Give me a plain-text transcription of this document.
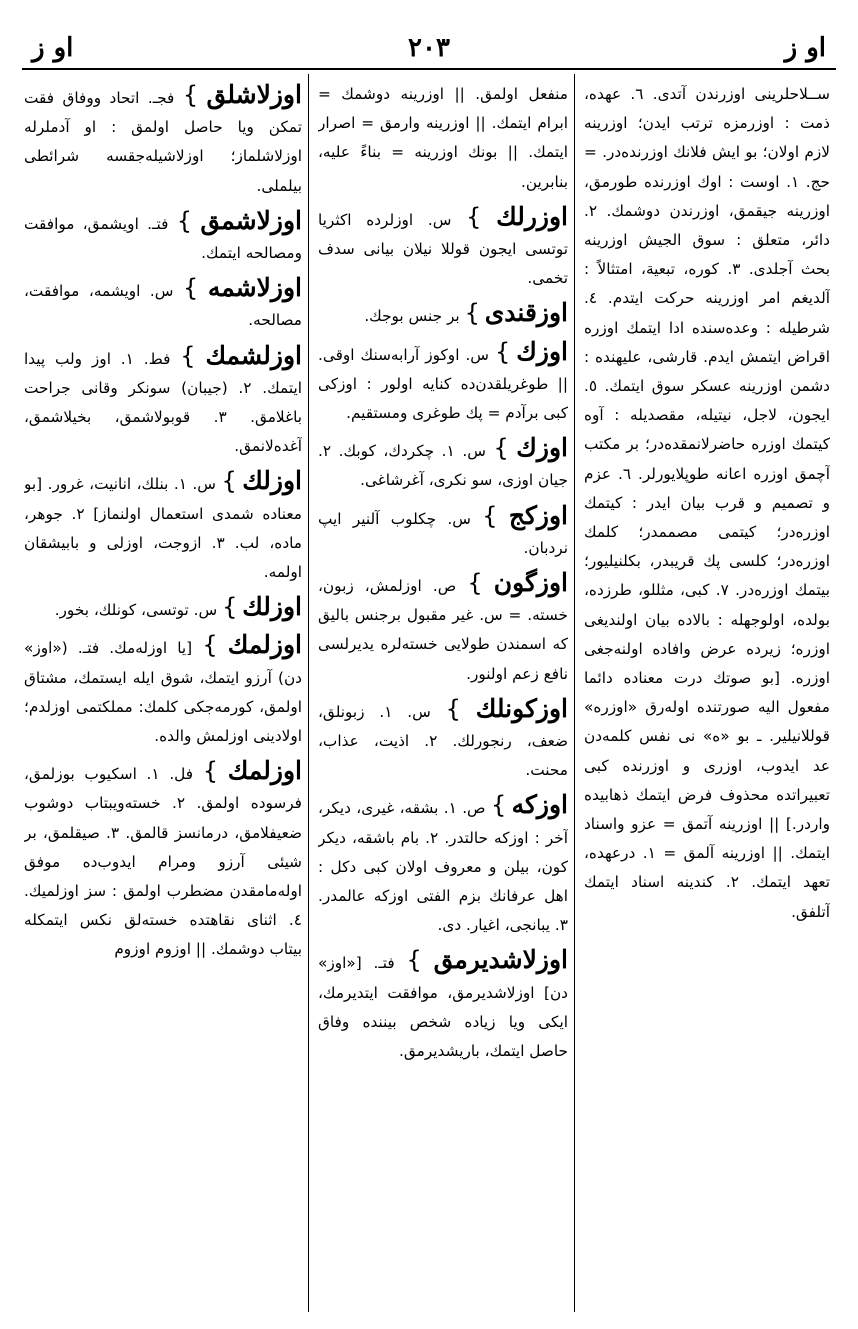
او ز	٢٠٣	او ز
ســلاحلرینی اوزرندن آتدی. ٦. عهده، ذمت : اوزرمزه ترتب ایدن؛ اوزرینه لازم اولان؛ بو ایش فلانك اوزرنده‌در. = حج. ١. اوست : اوك اوزرنده طورمق، اوزرینه جیقمق، اوزرندن دوشمك. ٢. دائر، متعلق : سوق الجیش اوزرینه بحث آجلدی. ٣. کوره، تبعیة، امتثالاً : آلدیغم امر اوزرینه حرکت ایتدم. ٤. شرطیله : وعده‌سنده ادا ایتمك اوزره اقراض ایتمش ایدم. قارشی، علیهنده : دشمن اوزرینه عسکر سوق ایتمك. ٥. ایجون، لاجل، نیتیله، مقصدیله : آوه کیتمك اوزره حاضرلانمقده‌در؛ بر مکتب آچمق اوزره اعانه طوپلایورلر. ٦. عزم و تصمیم و قرب بیان ایدر : کیتمك اوزره‌در؛ کیتمی مصممدر؛ کلمك اوزره‌در؛ کلسی پك قریبدر، بکلنیلیور؛ بیتمك اوزره‌در. ٧. کبی، مثللو، طرزده، بولده، اولوجهله : بالاده بیان اولندیغی اوزره؛ زیرده عرض وافاده اولنه‌جغی اوزره. [بو صوتك درت معناده دائما مفعول الیه صورتنده اولەرق «اوزره» قوللانیلیر. ـ بو «ه» نی نفس کلمه‌دن عد ایدوب، اوزری و اوزرنده کبی تعبیراتده محذوف فرض ایتمك ذهابیده واردر.] || اوزرینه آتمق = عزو واسناد ایتمك. || اوزرینه آلمق = ١. درعهده، تعهد ایتمك. ٢. کندینه اسناد ایتمك آتلفق.
منفعل اولمق. || اوزرینه دوشمك = ابرام ایتمك. || اوزرینه وارمق = اصرار ایتمك. || بونك اوزرینه = بناءً علیه، بنابرین.
اوزرلك } س. اوزلرده اکثریا توتسی ایجون قوللا نیلان بیانی سدف تخمی.
اوزقندی } بر جنس بوجك.
اوزك } س. اوکوز آرابه‌سنك اوقی. || طوغریلقدن‌ده کنایه اولور : اوزکی کبی برآدم = پك طوغری ومستقیم.
اوزك } س. ١. چکردك، کوبك. ٢. جیان اوزی، سو نکری، آغرشاغی.
اوزکج } س. چکلوب آلنیر ایپ نردبان.
اوزگون } ص. اوزلمش، زبون، خسته. = س. غیر مقبول برجنس بالیق که اسمندن طولایی خسته‌لره یدیرلسی نافع زعم اولنور.
اوزکونلك } س. ١. زبونلق، ضعف، رنجورلك. ٢. اذیت، عذاب، محنت.
اوزکه } ص. ١. بشقه، غیری، دیکر، آخر : اوزکه حالتدر. ٢. بام باشقه، دیکر کون، بیلن و معروف اولان کبی دکل : اهل عرفانك بزم الفتی اوزکه عالمدر. ٣. یبانجی، اغیار. دی.
اوزلاشدیرمق } فتـ. [«اوز» دن] اوزلاشدیرمق، موافقت ایتدیرمك، ایکی ویا زیاده شخص بیننده وفاق حاصل ایتمك، باریشدیرمق.
اوزلاشلق } فجـ. اتحاد ووفاق فقت تمکن ویا حاصل اولمق : او آدملرله اوزلاشلماز؛ اوزلاشیله‌جقسه شرائطی بیلملی.
اوزلاشمق } فتـ. اویشمق، موافقت ومصالحه ایتمك.
اوزلاشمه } س. اویشمه، موافقت، مصالحه.
اوزلشمك } فط. ١. اوز ولب پیدا ایتمك. ٢. (جیبان) سونکر وقانی جراحت باغلامق. ٣. قوبولاشمق، بخیلاشمق، آغدەلانمق.
اوزلك } س. ١. بنلك، انانیت، غرور. [بو معناده شمدی استعمال اولنماز] ٢. جوهر، ماده، لب. ٣. ازوجت، اوزلی و بابیشقان اولمه.
اوزلك } س. توتسی، کونلك، بخور.
اوزلمك } [یا اوزله‌مك. فتـ. («اوز» دن) آرزو ایتمك، شوق ایله ایستمك، مشتاق اولمق، کورمه‌جکی کلمك: مملکتمی اوزلدم؛ اولادینی اوزلمش والده.
اوزلمك } فل. ١. اسکیوب بوزلمق، فرسوده اولمق. ٢. خسته‌ویبتاب دوشوب ضعیفلامق، درمانسز قالمق. ٣. صیقلمق، بر شیئی آرزو ومرام ایدوب‌ده موفق اولەمامقدن مضطرب اولمق : سز اوزلمیك. ٤. اثنای نقاهتده خسته‌لق نکس ایتمکله بیتاب دوشمك. || اوزوم اوزوم
